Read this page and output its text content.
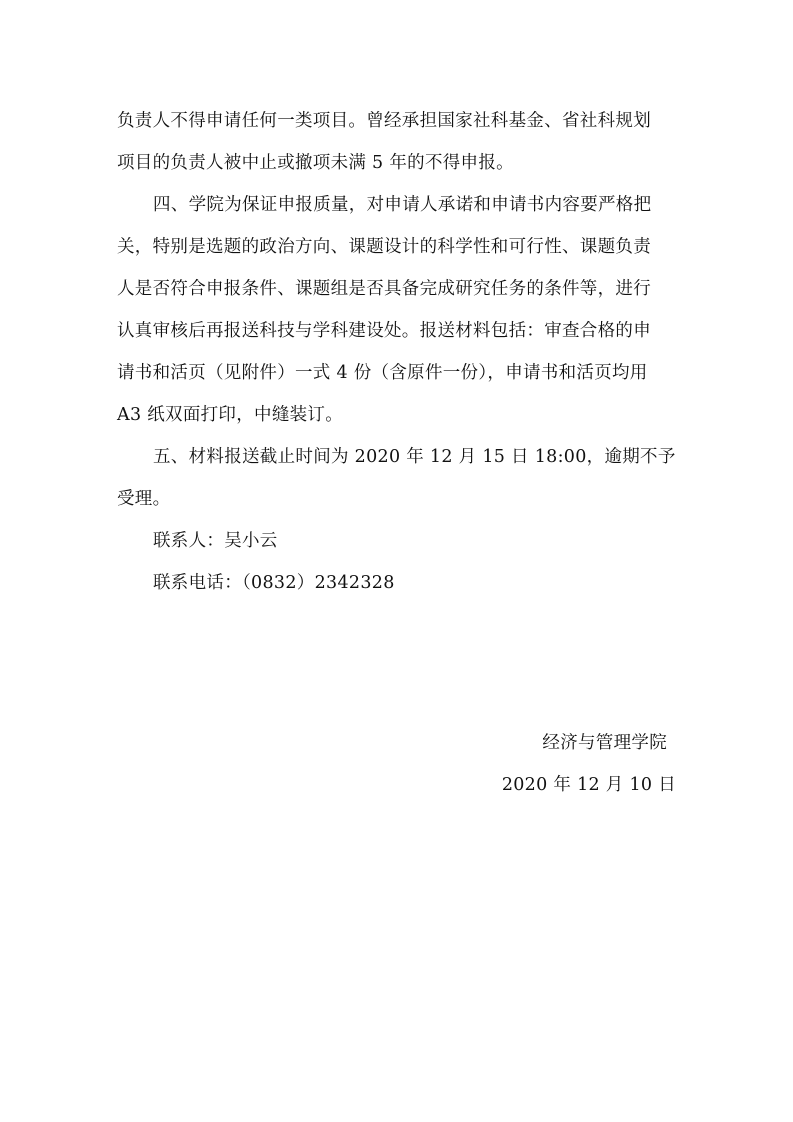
负责人不得申请任何一类项目。曾经承担国家社科基金、省社科规划
项目的负责人被中止或撤项未满 5 年的不得申报。
四、学院为保证申报质量，对申请人承诺和申请书内容要严格把
关，特别是选题的政治方向、课题设计的科学性和可行性、课题负责
人是否符合申报条件、课题组是否具备完成研究任务的条件等，进行
认真审核后再报送科技与学科建设处。报送材料包括：审查合格的申
请书和活页（见附件）一式 4 份（含原件一份），申请书和活页均用
A3 纸双面打印，中缝装订。
五、材料报送截止时间为 2020 年 12 月 15 日 18:00，逾期不予
受理。
联系人：吴小云
联系电话：（0832）2342328
经济与管理学院
2020 年 12 月 10 日
